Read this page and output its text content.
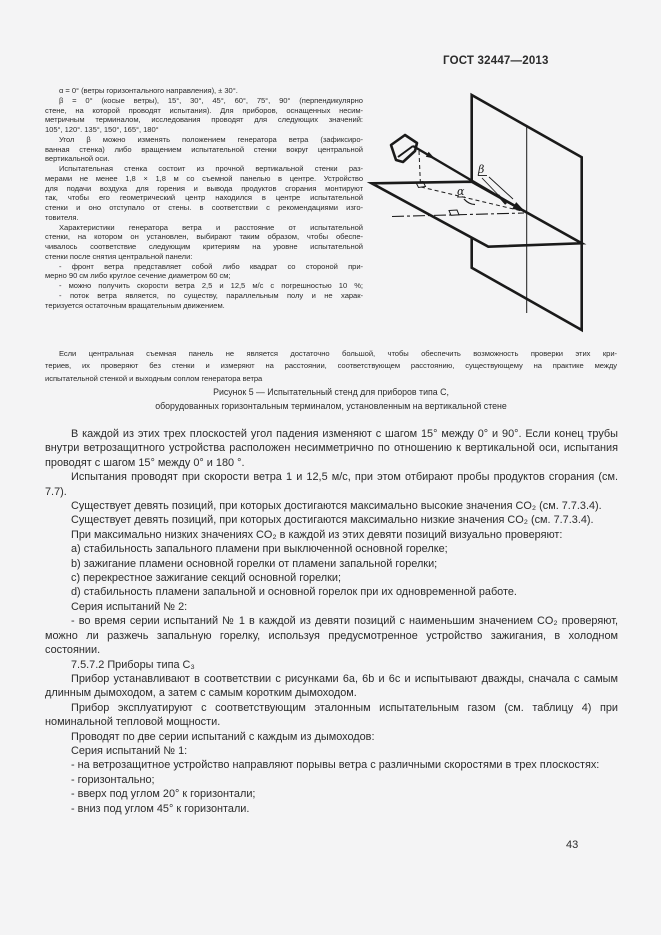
ГОСТ 32447—2013
β
α
α = 0° (ветры горизонтального направления), ± 30°.
β = 0° (косые ветры), 15°, 30°, 45°, 60°, 75°, 90° (перпендикулярно
стене, на которой проводят испытания). Для приборов, оснащенных несим-
метричным терминалом, исследования проводят для следующих значений:
105°, 120°. 135°, 150°, 165°, 180°
Угол β можно изменять положением генератора ветра (зафиксиро-
ванная стенка) либо вращением испытательной стенки вокруг центральной
вертикальной оси.
Испытательная стенка состоит из прочной вертикальной стенки раз-
мерами не менее 1,8 × 1,8 м со съемной панелью в центре. Устройство
для подачи воздуха для горения и вывода продуктов сгорания монтируют
так, чтобы его геометрический центр находился в центре испытательной
стенки и оно отступало от стены. в соответствии с рекомендациями изго-
товителя.
Характеристики генератора ветра и расстояние от испытательной
стенки, на котором он установлен, выбирают таким образом, чтобы обеспе-
чивалось соответствие следующим критериям на уровне испытательной
стенки после снятия центральной панели:
- фронт ветра представляет собой либо квадрат со стороной при-
мерно 90 см либо круглое сечение диаметром 60 см;
- можно получить скорости ветра 2,5 и 12,5 м/с с погрешностью 10 %;
- поток ветра является, по существу, параллельным полу и не харак-
теризуется остаточным вращательным движением.
Если центральная съемная панель не является достаточно большой, чтобы обеспечить возможность проверки этих кри-
териев, их проверяют без стенки и измеряют на расстоянии, соответствующем расстоянию, существующему на практике между
испытательной стенкой и выходным соплом генератора ветра
Рисунок 5 — Испытательный стенд для приборов типа C,
оборудованных горизонтальным терминалом, установленным на вертикальной стене

В каждой из этих трех плоскостей угол падения изменяют с шагом 15° между 0° и 90°. Если конец трубы внутри ветрозащитного устройства расположен несимметрично по отношению к вертикальной оси, испытания проводят с шагом 15° между 0° и 180 °.

Испытания проводят при скорости ветра 1 и 12,5 м/с, при этом отбирают пробы продуктов сгорания (см. 7.7).

Существует девять позиций, при которых достигаются максимально высокие значения CO₂ (см. 7.7.3.4).

Существует девять позиций, при которых достигаются максимально низкие значения CO₂ (см. 7.7.3.4).

При максимально низких значениях CO₂ в каждой из этих девяти позиций визуально проверяют:

a) стабильность запального пламени при выключенной основной горелке;

b) зажигание пламени основной горелки от пламени запальной горелки;

c) перекрестное зажигание секций основной горелки;

d) стабильность пламени запальной и основной горелок при их одновременной работе.

Серия испытаний № 2:

- во время серии испытаний № 1 в каждой из девяти позиций с наименьшим значением CO₂ проверяют, можно ли разжечь запальную горелку, используя предусмотренное устройство зажигания, в холодном состоянии.

7.5.7.2 Приборы типа C₃

Прибор устанавливают в соответствии с рисунками 6a, 6b и 6c и испытывают дважды, сначала с самым длинным дымоходом, а затем с самым коротким дымоходом.

Прибор эксплуатируют с соответствующим эталонным испытательным газом (см. таблицу 4) при номинальной тепловой мощности.

Проводят по две серии испытаний с каждым из дымоходов:

Серия испытаний № 1:

- на ветрозащитное устройство направляют порывы ветра с различными скоростями в трех плоскостях:

- горизонтально;

- вверх под углом 20° к горизонтали;

- вниз под углом 45° к горизонтали.

43
